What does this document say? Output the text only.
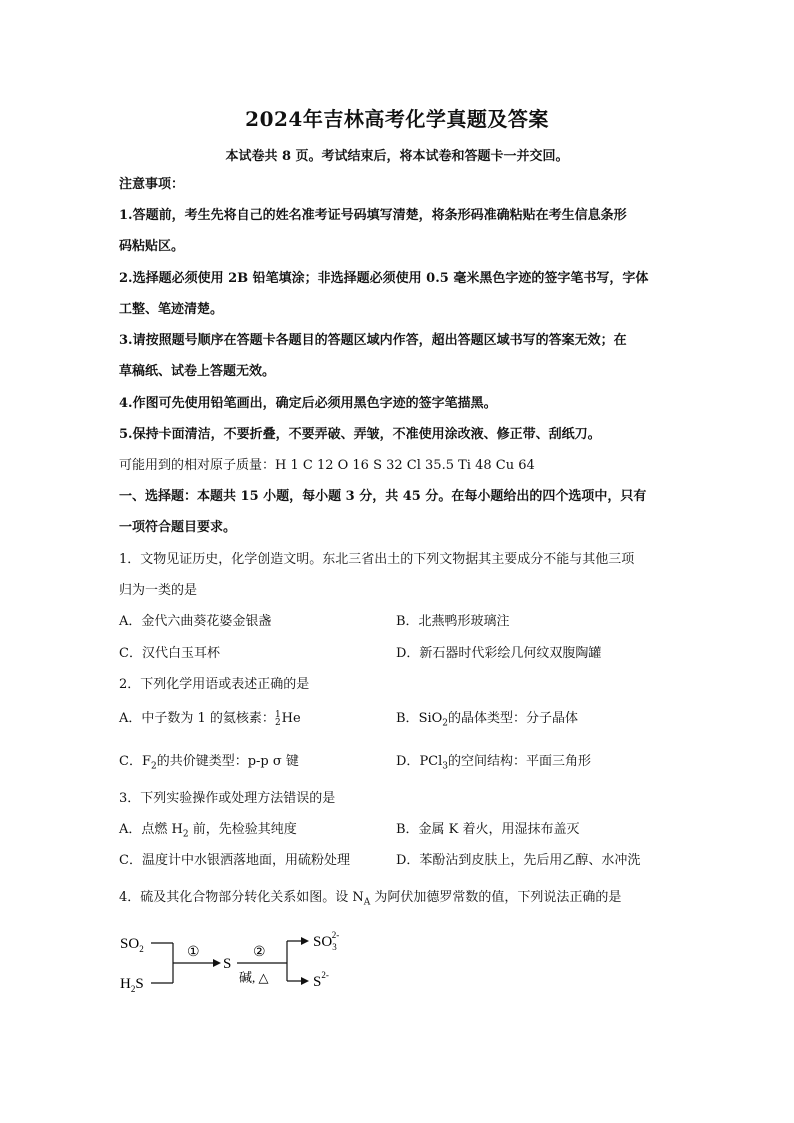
2024年吉林高考化学真题及答案
本试卷共 8 页。考试结束后，将本试卷和答题卡一并交回。
注意事项：
1.答题前，考生先将自己的姓名准考证号码填写清楚，将条形码准确粘贴在考生信息条形
码粘贴区。
2.选择题必须使用 2B 铅笔填涂；非选择题必须使用 0.5 毫米黑色字迹的签字笔书写，字体
工整、笔迹清楚。
3.请按照题号顺序在答题卡各题目的答题区域内作答，超出答题区域书写的答案无效；在
草稿纸、试卷上答题无效。
4.作图可先使用铅笔画出，确定后必须用黑色字迹的签字笔描黑。
5.保持卡面清洁，不要折叠，不要弄破、弄皱，不准使用涂改液、修正带、刮纸刀。
可能用到的相对原子质量：H 1 C 12 O 16 S 32 Cl 35.5 Ti 48 Cu 64
一、选择题：本题共 15 小题，每小题 3 分，共 45 分。在每小题给出的四个选项中，只有
一项符合题目要求。
1．文物见证历史，化学创造文明。东北三省出土的下列文物据其主要成分不能与其他三项
归为一类的是
A．金代六曲葵花婆金银盏	B．北燕鸭形玻璃注
C．汉代白玉耳杯	D．新石器时代彩绘几何纹双腹陶罐
2．下列化学用语或表述正确的是
A．中子数为 1 的氦核素： 1
2 He	B．SiO$_2$的晶体类型：分子晶体
C．$F_2$的共价键类型：p-p σ 键	D．PCl$_3$的空间结构：平面三角形
3．下列实验操作或处理方法错误的是
A．点燃 $H_2$ 前，先检验其纯度	B．金属 K 着火，用湿抹布盖灭
C．温度计中水银洒落地面，用硫粉处理	D．苯酚沾到皮肤上，先后用乙醇、水冲洗
4．硫及其化合物部分转化关系如图。设 $N_A$ 为阿伏加德罗常数的值，下列说法正确的是
$SO_2$
$H_2S$
①
S
②
碱, △
$SO_32-$
$S^{2-}$
